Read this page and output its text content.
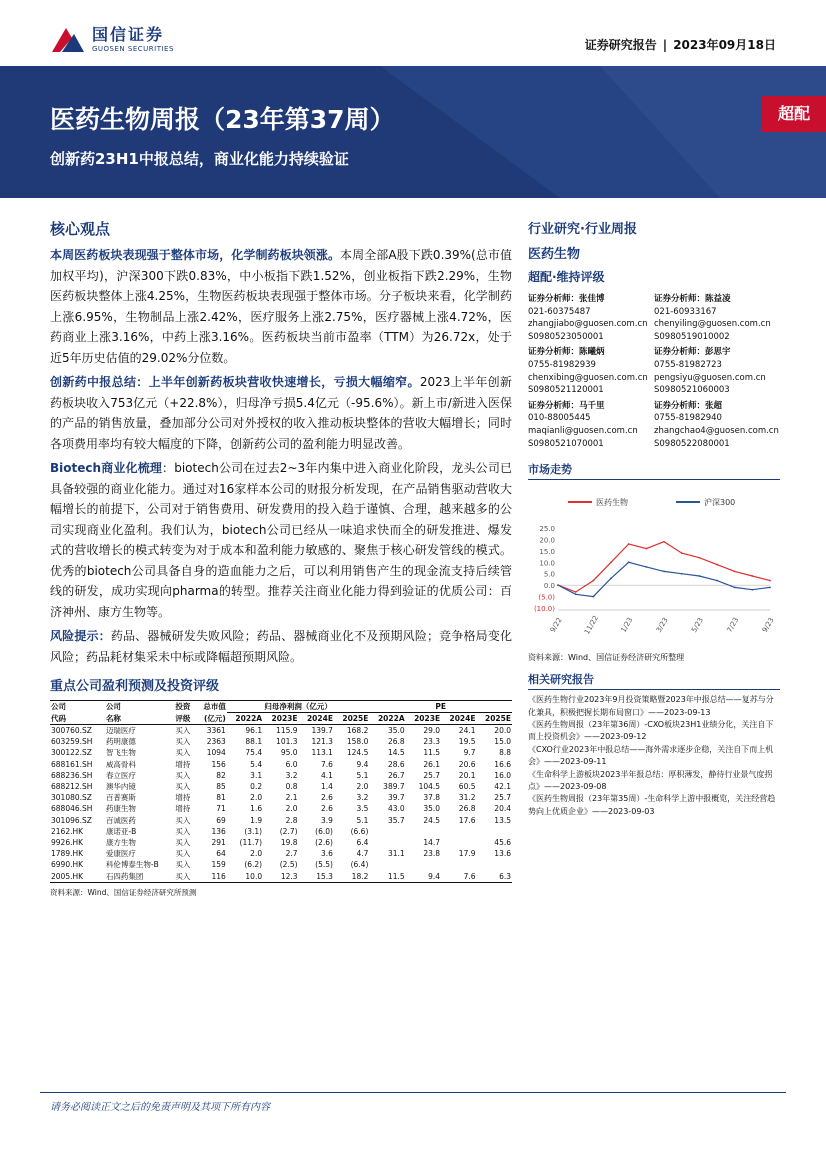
国信证券
GUOSEN SECURITIES	证券研究报告 | 2023年09月18日
医药生物周报（23年第37周）
创新药23H1中报总结，商业化能力持续验证
超配
核心观点

本周医药板块表现强于整体市场，化学制药板块领涨。本周全部A股下跌0.39%(总市值加权平均)，沪深300下跌0.83%，中小板指下跌1.52%，创业板指下跌2.29%，生物医药板块整体上涨4.25%，生物医药板块表现强于整体市场。分子板块来看，化学制药上涨6.95%，生物制品上涨2.42%，医疗服务上涨2.75%，医疗器械上涨4.72%，医药商业上涨3.16%，中药上涨3.16%。医药板块当前市盈率（TTM）为26.72x，处于近5年历史估值的29.02%分位数。

创新药中报总结：上半年创新药板块营收快速增长，亏损大幅缩窄。2023上半年创新药板块收入753亿元（+22.8%），归母净亏损5.4亿元（-95.6%）。新上市/新进入医保的产品的销售放量，叠加部分公司对外授权的收入推动板块整体的营收大幅增长；同时各项费用率均有较大幅度的下降，创新药公司的盈利能力明显改善。

Biotech商业化梳理：biotech公司在过去2~3年内集中进入商业化阶段，龙头公司已具备较强的商业化能力。通过对16家样本公司的财报分析发现，在产品销售驱动营收大幅增长的前提下，公司对于销售费用、研发费用的投入趋于谨慎、合理，越来越多的公司实现商业化盈利。我们认为，biotech公司已经从一味追求快而全的研发推进、爆发式的营收增长的模式转变为对于成本和盈利能力敏感的、聚焦于核心研发管线的模式。优秀的biotech公司具备自身的造血能力之后，可以利用销售产生的现金流支持后续管线的研发，成功实现向pharma的转型。推荐关注商业化能力得到验证的优质公司：百济神州、康方生物等。

风险提示：药品、器械研发失败风险；药品、器械商业化不及预期风险；竞争格局变化风险；药品耗材集采未中标或降幅超预期风险。

重点公司盈利预测及投资评级
公司	公司	投资	总市值	归母净利润（亿元）				PE			
代码	名称	评级	(亿元)	2022A	2023E	2024E	2025E	2022A	2023E	2024E	2025E
300760.SZ	迈瑞医疗	买入	3361	96.1	115.9	139.7	168.2	35.0	29.0	24.1	20.0
603259.SH	药明康德	买入	2363	88.1	101.3	121.3	158.0	26.8	23.3	19.5	15.0
300122.SZ	智飞生物	买入	1094	75.4	95.0	113.1	124.5	14.5	11.5	9.7	8.8
688161.SH	威高骨科	增持	156	5.4	6.0	7.6	9.4	28.6	26.1	20.6	16.6
688236.SH	春立医疗	买入	82	3.1	3.2	4.1	5.1	26.7	25.7	20.1	16.0
688212.SH	澳华内镜	买入	85	0.2	0.8	1.4	2.0	389.7	104.5	60.5	42.1
301080.SZ	百普赛斯	增持	81	2.0	2.1	2.6	3.2	39.7	37.8	31.2	25.7
688046.SH	药康生物	增持	71	1.6	2.0	2.6	3.5	43.0	35.0	26.8	20.4
301096.SZ	百诚医药	买入	69	1.9	2.8	3.9	5.1	35.7	24.5	17.6	13.5
2162.HK	康诺亚-B	买入	136	(3.1)	(2.7)	(6.0)	(6.6)				
9926.HK	康方生物	买入	291	(11.7)	19.8	(2.6)	6.4		14.7		45.6
1789.HK	爱康医疗	买入	64	2.0	2.7	3.6	4.7	31.1	23.8	17.9	13.6
6990.HK	科伦博泰生物-B	买入	159	(6.2)	(2.5)	(5.5)	(6.4)				
2005.HK	石四药集团	买入	116	10.0	12.3	15.3	18.2	11.5	9.4	7.6	6.3
资料来源：Wind、国信证券经济研究所预测
行业研究·行业周报
医药生物
超配·维持评级
证券分析师：张佳博
021-60375487
zhangjiabo@guosen.com.cn
S0980523050001
证券分析师：陈益凌
021-60933167
chenyiling@guosen.com.cn
S0980519010002
证券分析师：陈曦炳
0755-81982939
chenxibing@guosen.com.cn
S0980521120001
证券分析师：彭思宇
0755-81982723
pengsiyu@guosen.com.cn
S0980521060003
证券分析师：马千里
010-88005445
maqianli@guosen.com.cn
S0980521070001
证券分析师：张超
0755-81982940
zhangchao4@guosen.com.cn
S0980522080001
市场走势
医药生物	沪深300
25.0
20.0
15.0
10.0
5.0
0.0
(5.0)
(10.0)
9/22	11/22	1/23	3/23	5/23	7/23	9/23
资料来源：Wind、国信证券经济研究所整理
相关研究报告
《医药生物行业2023年9月投资策略暨2023年中报总结——复苏与分化兼具，积极把握长期布局窗口》——2023-09-13
《医药生物周报（23年第36周）-CXO板块23H1业绩分化，关注自下而上投资机会》——2023-09-12
《CXO行业2023年中报总结——海外需求逐步企稳，关注自下而上机会》——2023-09-11
《生命科学上游板块2023半年报总结：厚积薄发，静待行业景气度拐点》——2023-09-08
《医药生物周报（23年第35周）-生命科学上游中报概览，关注经营趋势向上优质企业》——2023-09-03
请务必阅读正文之后的免责声明及其项下所有内容
